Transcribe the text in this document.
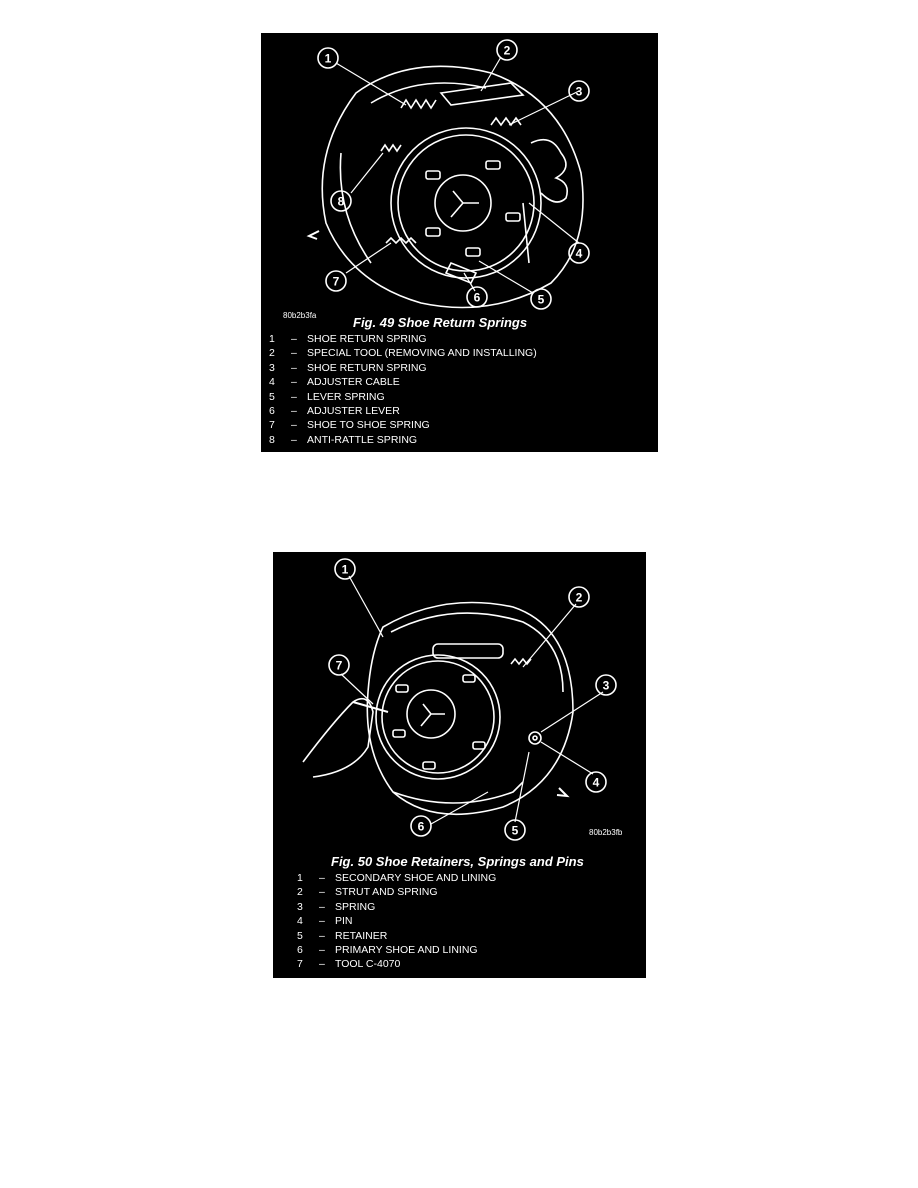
1
2
3
4
5
6
7
8
80b2b3fa	Fig. 49 Shoe Return Springs
1	– SHOE RETURN SPRING
2	– SPECIAL TOOL (REMOVING AND INSTALLING)
3	– SHOE RETURN SPRING
4	– ADJUSTER CABLE
5	– LEVER SPRING
6	– ADJUSTER LEVER
7	– SHOE TO SHOE SPRING
8	– ANTI-RATTLE SPRING
1
2
3
4
5
6
7
80b2b3fb
Fig. 50 Shoe Retainers, Springs and Pins
1	– SECONDARY SHOE AND LINING
2	– STRUT AND SPRING
3	– SPRING
4	– PIN
5	– RETAINER
6	– PRIMARY SHOE AND LINING
7	– TOOL C-4070
